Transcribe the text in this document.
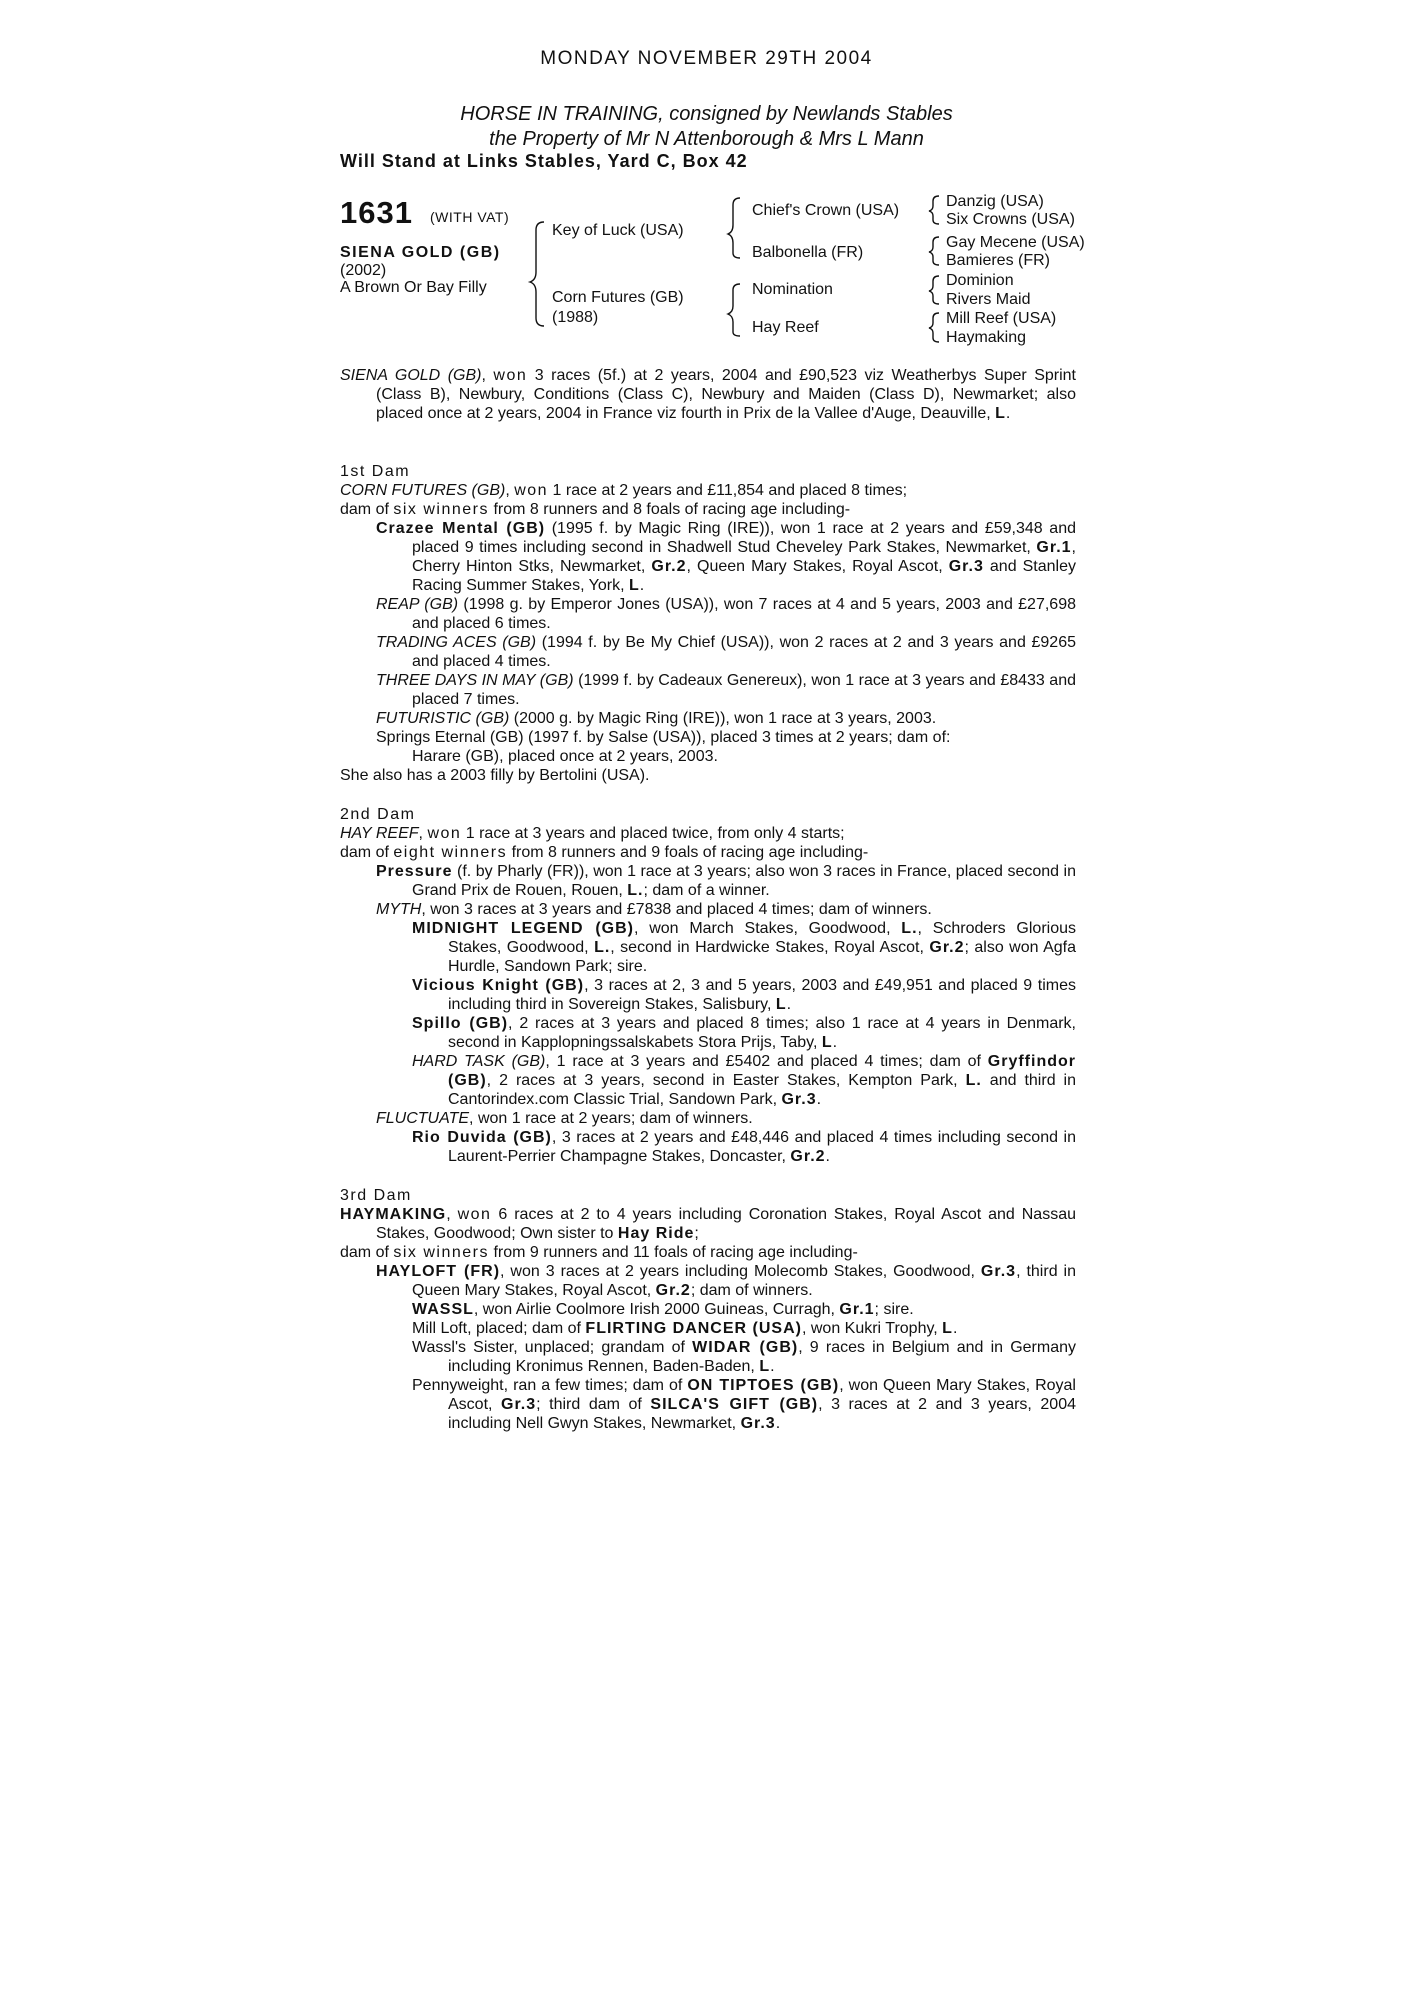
MONDAY NOVEMBER 29TH 2004
HORSE IN TRAINING, consigned by Newlands Stables
the Property of Mr N Attenborough & Mrs L Mann
Will Stand at Links Stables, Yard C, Box 42
1631 (WITH VAT)
SIENA GOLD (GB)
(2002)
A Brown Or Bay Filly
Key of Luck (USA)
Corn Futures (GB)
(1988)
Chief's Crown (USA)
Balbonella (FR)
Nomination
Hay Reef
Danzig (USA)
Six Crowns (USA)
Gay Mecene (USA)
Bamieres (FR)
Dominion
Rivers Maid
Mill Reef (USA)
Haymaking

SIENA GOLD (GB), won 3 races (5f.) at 2 years, 2004 and £90,523 viz Weatherbys Super Sprint (Class B), Newbury, Conditions (Class C), Newbury and Maiden (Class D), Newmarket; also placed once at 2 years, 2004 in France viz fourth in Prix de la Vallee d'Auge, Deauville, L.

1st Dam

CORN FUTURES (GB), won 1 race at 2 years and £11,854 and placed 8 times;

dam of six winners from 8 runners and 8 foals of racing age including-

Crazee Mental (GB) (1995 f. by Magic Ring (IRE)), won 1 race at 2 years and £59,348 and placed 9 times including second in Shadwell Stud Cheveley Park Stakes, Newmarket, Gr.1, Cherry Hinton Stks, Newmarket, Gr.2, Queen Mary Stakes, Royal Ascot, Gr.3 and Stanley Racing Summer Stakes, York, L.

REAP (GB) (1998 g. by Emperor Jones (USA)), won 7 races at 4 and 5 years, 2003 and £27,698 and placed 6 times.

TRADING ACES (GB) (1994 f. by Be My Chief (USA)), won 2 races at 2 and 3 years and £9265 and placed 4 times.

THREE DAYS IN MAY (GB) (1999 f. by Cadeaux Genereux), won 1 race at 3 years and £8433 and placed 7 times.

FUTURISTIC (GB) (2000 g. by Magic Ring (IRE)), won 1 race at 3 years, 2003.

Springs Eternal (GB) (1997 f. by Salse (USA)), placed 3 times at 2 years; dam of:

Harare (GB), placed once at 2 years, 2003.

She also has a 2003 filly by Bertolini (USA).

2nd Dam

HAY REEF, won 1 race at 3 years and placed twice, from only 4 starts;

dam of eight winners from 8 runners and 9 foals of racing age including-

Pressure (f. by Pharly (FR)), won 1 race at 3 years; also won 3 races in France, placed second in Grand Prix de Rouen, Rouen, L.; dam of a winner.

MYTH, won 3 races at 3 years and £7838 and placed 4 times; dam of winners.

MIDNIGHT LEGEND (GB), won March Stakes, Goodwood, L., Schroders Glorious Stakes, Goodwood, L., second in Hardwicke Stakes, Royal Ascot, Gr.2; also won Agfa Hurdle, Sandown Park; sire.

Vicious Knight (GB), 3 races at 2, 3 and 5 years, 2003 and £49,951 and placed 9 times including third in Sovereign Stakes, Salisbury, L.

Spillo (GB), 2 races at 3 years and placed 8 times; also 1 race at 4 years in Denmark, second in Kapplopningssalskabets Stora Prijs, Taby, L.

HARD TASK (GB), 1 race at 3 years and £5402 and placed 4 times; dam of Gryffindor (GB), 2 races at 3 years, second in Easter Stakes, Kempton Park, L. and third in Cantorindex.com Classic Trial, Sandown Park, Gr.3.

FLUCTUATE, won 1 race at 2 years; dam of winners.

Rio Duvida (GB), 3 races at 2 years and £48,446 and placed 4 times including second in Laurent-Perrier Champagne Stakes, Doncaster, Gr.2.

3rd Dam

HAYMAKING, won 6 races at 2 to 4 years including Coronation Stakes, Royal Ascot and Nassau Stakes, Goodwood; Own sister to Hay Ride;

dam of six winners from 9 runners and 11 foals of racing age including-

HAYLOFT (FR), won 3 races at 2 years including Molecomb Stakes, Goodwood, Gr.3, third in Queen Mary Stakes, Royal Ascot, Gr.2; dam of winners.

WASSL, won Airlie Coolmore Irish 2000 Guineas, Curragh, Gr.1; sire.

Mill Loft, placed; dam of FLIRTING DANCER (USA), won Kukri Trophy, L.

Wassl's Sister, unplaced; grandam of WIDAR (GB), 9 races in Belgium and in Germany including Kronimus Rennen, Baden-Baden, L.

Pennyweight, ran a few times; dam of ON TIPTOES (GB), won Queen Mary Stakes, Royal Ascot, Gr.3; third dam of SILCA'S GIFT (GB), 3 races at 2 and 3 years, 2004 including Nell Gwyn Stakes, Newmarket, Gr.3.
